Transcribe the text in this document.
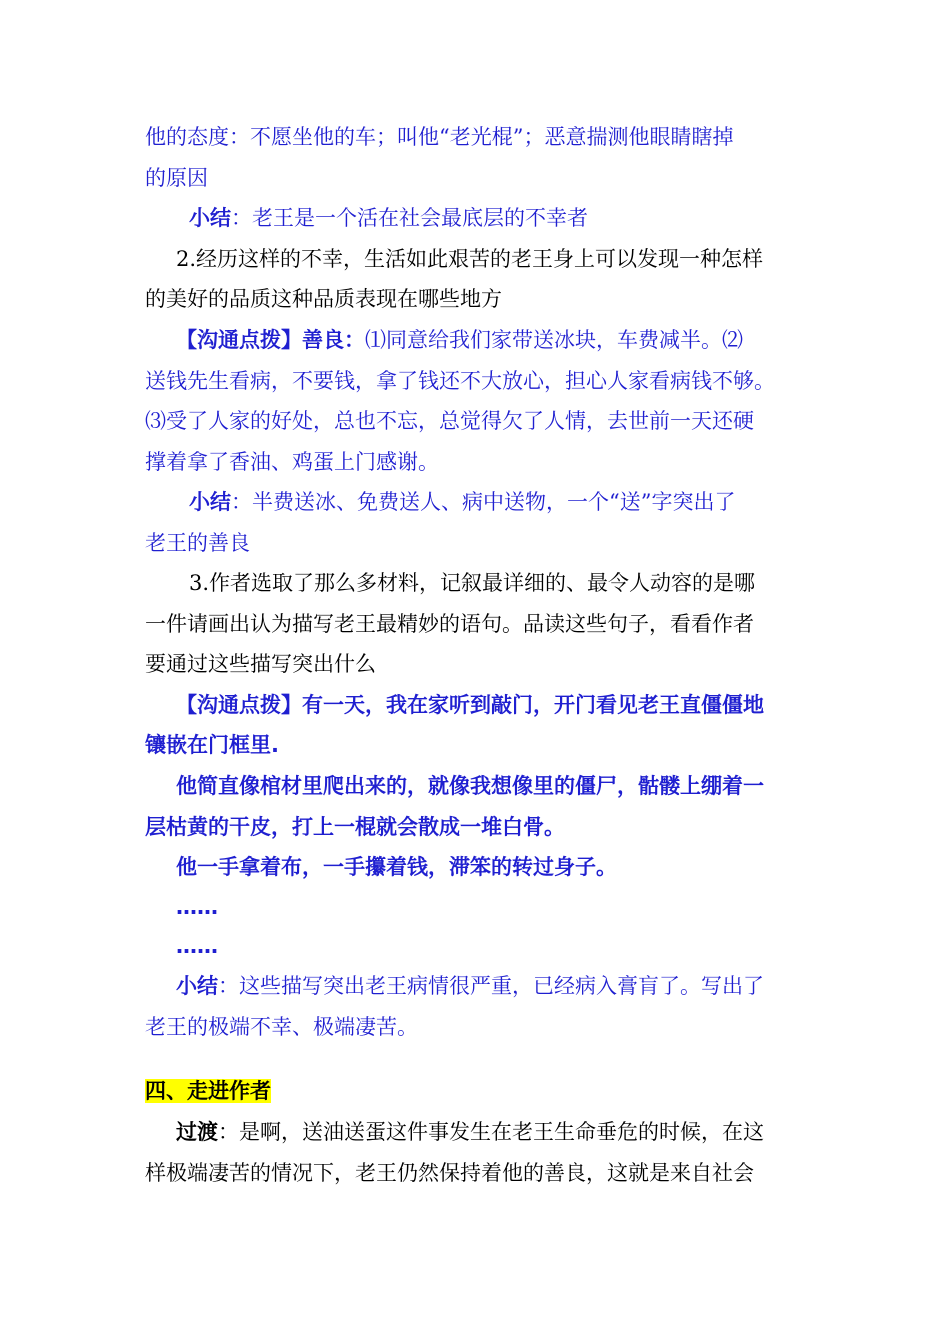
他的态度：不愿坐他的车；叫他“老光棍”；恶意揣测他眼睛瞎掉
的原因
小结：老王是一个活在社会最底层的不幸者
2.经历这样的不幸，生活如此艰苦的老王身上可以发现一种怎样
的美好的品质这种品质表现在哪些地方
【沟通点拨】善良：⑴同意给我们家带送冰块，车费减半。⑵
送钱先生看病，不要钱，拿了钱还不大放心，担心人家看病钱不够。
⑶受了人家的好处，总也不忘，总觉得欠了人情，去世前一天还硬
撑着拿了香油、鸡蛋上门感谢。
小结：半费送冰、免费送人、病中送物，一个“送”字突出了
老王的善良
3.作者选取了那么多材料，记叙最详细的、最令人动容的是哪
一件请画出认为描写老王最精妙的语句。品读这些句子，看看作者
要通过这些描写突出什么
【沟通点拨】有一天，我在家听到敲门，开门看见老王直僵僵地
镶嵌在门框里.
他简直像棺材里爬出来的，就像我想像里的僵尸，骷髅上绷着一
层枯黄的干皮，打上一棍就会散成一堆白骨。
他一手拿着布，一手攥着钱，滞笨的转过身子。
……
……
小结：这些描写突出老王病情很严重，已经病入膏肓了。写出了
老王的极端不幸、极端凄苦。
四、走进作者
过渡：是啊，送油送蛋这件事发生在老王生命垂危的时候，在这
样极端凄苦的情况下，老王仍然保持着他的善良，这就是来自社会
